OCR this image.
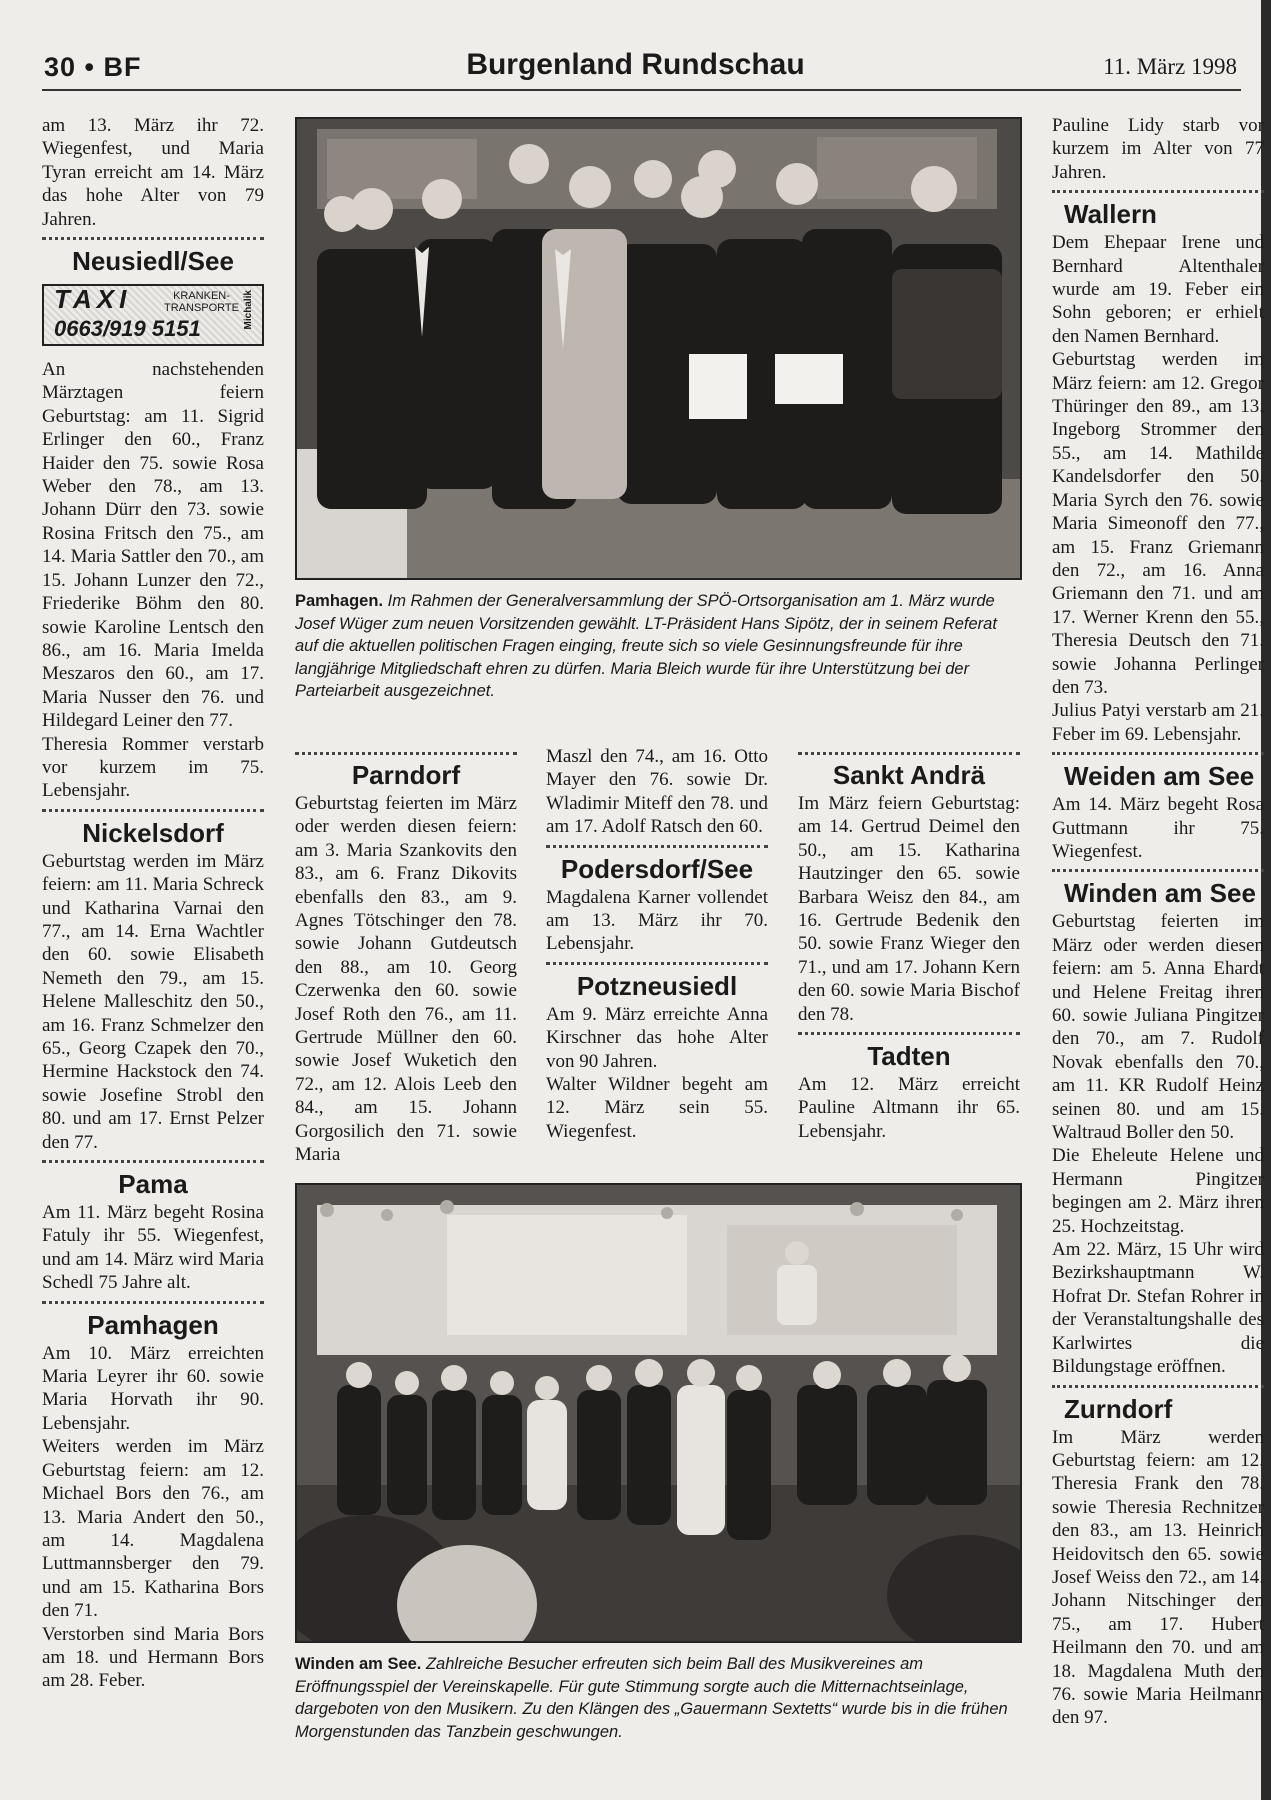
30 • BF	Burgenland Rundschau	11. März 1998

am 13. März ihr 72. Wiegenfest, und Maria Tyran erreicht am 14. März das hohe Alter von 79 Jahren.

Neusiedl/See
TAXI	KRANKEN-
TRANSPORTE
0663/919 5151	Michalik

An nachstehenden Märztagen feiern Geburtstag: am 11. Sigrid Erlinger den 60., Franz Haider den 75. sowie Rosa Weber den 78., am 13. Johann Dürr den 73. sowie Rosina Fritsch den 75., am 14. Maria Sattler den 70., am 15. Johann Lunzer den 72., Friederike Böhm den 80. sowie Karoline Lentsch den 86., am 16. Maria Imelda Meszaros den 60., am 17. Maria Nusser den 76. und Hildegard Leiner den 77.

Theresia Rommer verstarb vor kurzem im 75. Lebensjahr.

Nickelsdorf

Geburtstag werden im März feiern: am 11. Maria Schreck und Katharina Varnai den 77., am 14. Erna Wachtler den 60. sowie Elisabeth Nemeth den 79., am 15. Helene Malleschitz den 50., am 16. Franz Schmelzer den 65., Georg Czapek den 70., Hermine Hackstock den 74. sowie Josefine Strobl den 80. und am 17. Ernst Pelzer den 77.

Pama

Am 11. März begeht Rosina Fatuly ihr 55. Wiegenfest, und am 14. März wird Maria Schedl 75 Jahre alt.

Pamhagen

Am 10. März erreichten Maria Leyrer ihr 60. sowie Maria Horvath ihr 90. Lebensjahr.

Weiters werden im März Geburtstag feiern: am 12. Michael Bors den 76., am 13. Maria Andert den 50., am 14. Magdalena Luttmannsberger den 79. und am 15. Katharina Bors den 71.

Verstorben sind Maria Bors am 18. und Hermann Bors am 28. Feber.

Pamhagen. Im Rahmen der Generalversammlung der SPÖ-Ortsorganisation am 1. März wurde Josef Wüger zum neuen Vorsitzenden gewählt. LT-Präsident Hans Sipötz, der in seinem Referat auf die aktuellen politischen Fragen einging, freute sich so viele Gesinnungsfreunde für ihre langjährige Mitgliedschaft ehren zu dürfen. Maria Bleich wurde für ihre Unterstützung bei der Parteiarbeit ausgezeichnet.
Parndorf

Geburtstag feierten im März oder werden diesen feiern: am 3. Maria Szankovits den 83., am 6. Franz Dikovits ebenfalls den 83., am 9. Agnes Tötschinger den 78. sowie Johann Gutdeutsch den 88., am 10. Georg Czerwenka den 60. sowie Josef Roth den 76., am 11. Gertrude Müllner den 60. sowie Josef Wuketich den 72., am 12. Alois Leeb den 84., am 15. Johann Gorgosilich den 71. sowie Maria

Maszl den 74., am 16. Otto Mayer den 76. sowie Dr. Wladimir Miteff den 78. und am 17. Adolf Ratsch den 60.

Podersdorf/See

Magdalena Karner vollendet am 13. März ihr 70. Lebensjahr.

Potzneusiedl

Am 9. März erreichte Anna Kirschner das hohe Alter von 90 Jahren.

Walter Wildner begeht am 12. März sein 55. Wiegenfest.

Sankt Andrä

Im März feiern Geburtstag: am 14. Gertrud Deimel den 50., am 15. Katharina Hautzinger den 65. sowie Barbara Weisz den 84., am 16. Gertrude Bedenik den 50. sowie Franz Wieger den 71., und am 17. Johann Kern den 60. sowie Maria Bischof den 78.

Tadten

Am 12. März erreicht Pauline Altmann ihr 65. Lebensjahr.

Winden am See. Zahlreiche Besucher erfreuten sich beim Ball des Musikvereines am Eröffnungsspiel der Vereinskapelle. Für gute Stimmung sorgte auch die Mitternachtseinlage, dargeboten von den Musikern. Zu den Klängen des „Gauermann Sextetts“ wurde bis in die frühen Morgenstunden das Tanzbein geschwungen.

Pauline Lidy starb vor kurzem im Alter von 77 Jahren.

Wallern

Dem Ehepaar Irene und Bernhard Altenthaler wurde am 19. Feber ein Sohn geboren; er erhielt den Namen Bernhard.

Geburtstag werden im März feiern: am 12. Gregor Thüringer den 89., am 13. Ingeborg Strommer den 55., am 14. Mathilde Kandelsdorfer den 50. Maria Syrch den 76. sowie Maria Simeonoff den 77., am 15. Franz Griemann den 72., am 16. Anna Griemann den 71. und am 17. Werner Krenn den 55., Theresia Deutsch den 71. sowie Johanna Perlinger den 73.

Julius Patyi verstarb am 21. Feber im 69. Lebensjahr.

Weiden am See

Am 14. März begeht Rosa Guttmann ihr 75. Wiegenfest.

Winden am See

Geburtstag feierten im März oder werden diesen feiern: am 5. Anna Ehardt und Helene Freitag ihren 60. sowie Juliana Pingitzer den 70., am 7. Rudolf Novak ebenfalls den 70., am 11. KR Rudolf Heinz seinen 80. und am 15. Waltraud Boller den 50.

Die Eheleute Helene und Hermann Pingitzer begingen am 2. März ihren 25. Hochzeitstag.

Am 22. März, 15 Uhr wird Bezirkshauptmann W. Hofrat Dr. Stefan Rohrer in der Veranstaltungshalle des Karlwirtes die Bildungstage eröffnen.

Zurndorf

Im März werden Geburtstag feiern: am 12. Theresia Frank den 78. sowie Theresia Rechnitzer den 83., am 13. Heinrich Heidovitsch den 65. sowie Josef Weiss den 72., am 14. Johann Nitschinger den 75., am 17. Hubert Heilmann den 70. und am 18. Magdalena Muth den 76. sowie Maria Heilmann den 97.
